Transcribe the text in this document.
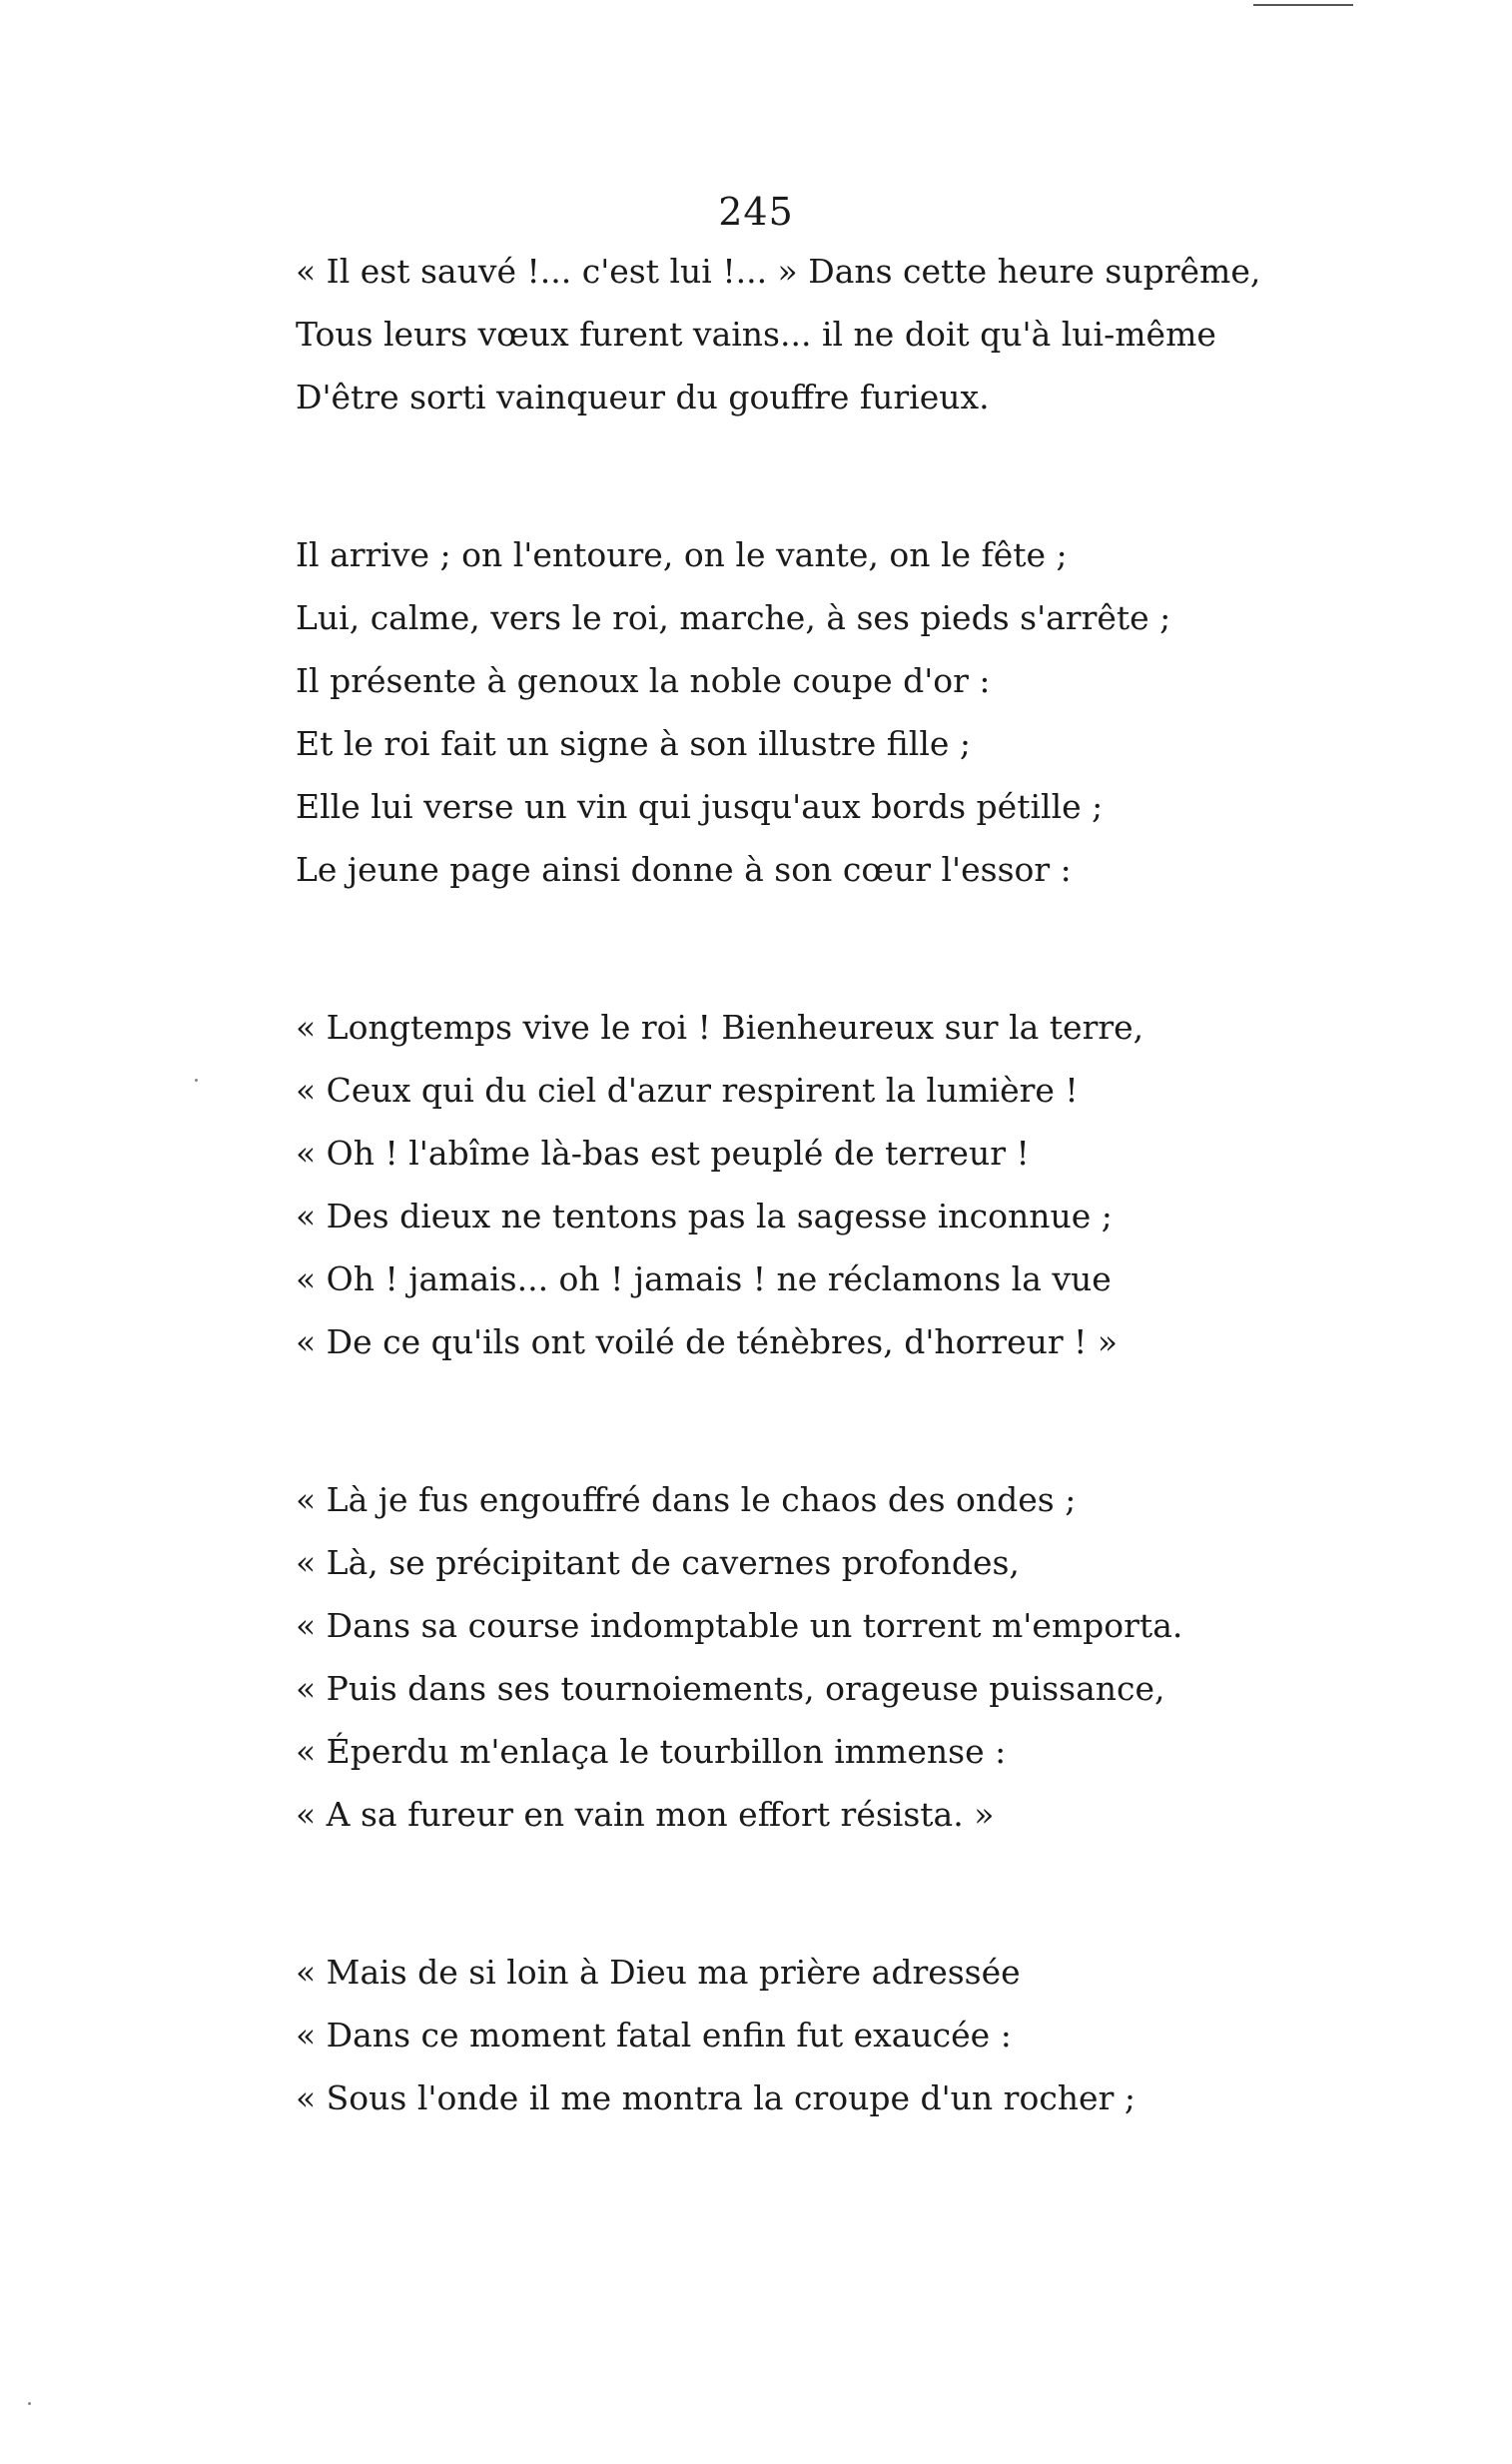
245
« Il est sauvé !... c'est lui !... » Dans cette heure suprême,
Tous leurs vœux furent vains... il ne doit qu'à lui-même
D'être sorti vainqueur du gouffre furieux.
Il arrive ; on l'entoure, on le vante, on le fête ;
Lui, calme, vers le roi, marche, à ses pieds s'arrête ;
Il présente à genoux la noble coupe d'or :
Et le roi fait un signe à son illustre fille ;
Elle lui verse un vin qui jusqu'aux bords pétille ;
Le jeune page ainsi donne à son cœur l'essor :
« Longtemps vive le roi ! Bienheureux sur la terre,
« Ceux qui du ciel d'azur respirent la lumière !
« Oh ! l'abîme là-bas est peuplé de terreur !
« Des dieux ne tentons pas la sagesse inconnue ;
« Oh ! jamais... oh ! jamais ! ne réclamons la vue
« De ce qu'ils ont voilé de ténèbres, d'horreur ! »
« Là je fus engouffré dans le chaos des ondes ;
« Là, se précipitant de cavernes profondes,
« Dans sa course indomptable un torrent m'emporta.
« Puis dans ses tournoiements, orageuse puissance,
« Éperdu m'enlaça le tourbillon immense :
« A sa fureur en vain mon effort résista. »
« Mais de si loin à Dieu ma prière adressée
« Dans ce moment fatal enfin fut exaucée :
« Sous l'onde il me montra la croupe d'un rocher ;
